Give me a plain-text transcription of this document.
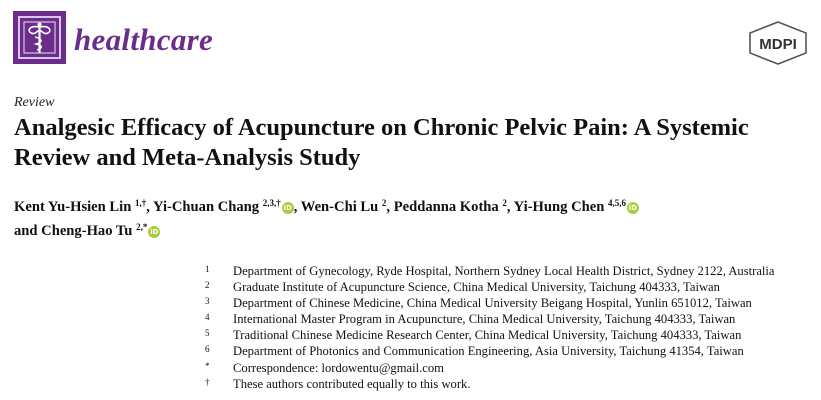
healthcare	MDPI
Review
Analgesic Efficacy of Acupuncture on Chronic Pelvic Pain: A Systemic Review and Meta-Analysis Study
Kent Yu-Hsien Lin $^{1,\dagger}$, Yi-Chuan Chang $^{2,3,\dagger}$ iD , Wen-Chi Lu $^2$, Peddanna Kotha $^2$, Yi-Hung Chen $^{4,5,6}$ iD
and Cheng-Hao Tu $^{2,*}$ iD
1	Department of Gynecology, Ryde Hospital, Northern Sydney Local Health District, Sydney 2122, Australia
2	Graduate Institute of Acupuncture Science, China Medical University, Taichung 404333, Taiwan
3	Department of Chinese Medicine, China Medical University Beigang Hospital, Yunlin 651012, Taiwan
4	International Master Program in Acupuncture, China Medical University, Taichung 404333, Taiwan
5	Traditional Chinese Medicine Research Center, China Medical University, Taichung 404333, Taiwan
6	Department of Photonics and Communication Engineering, Asia University, Taichung 41354, Taiwan
*	Correspondence: lordowentu@gmail.com
†	These authors contributed equally to this work.
